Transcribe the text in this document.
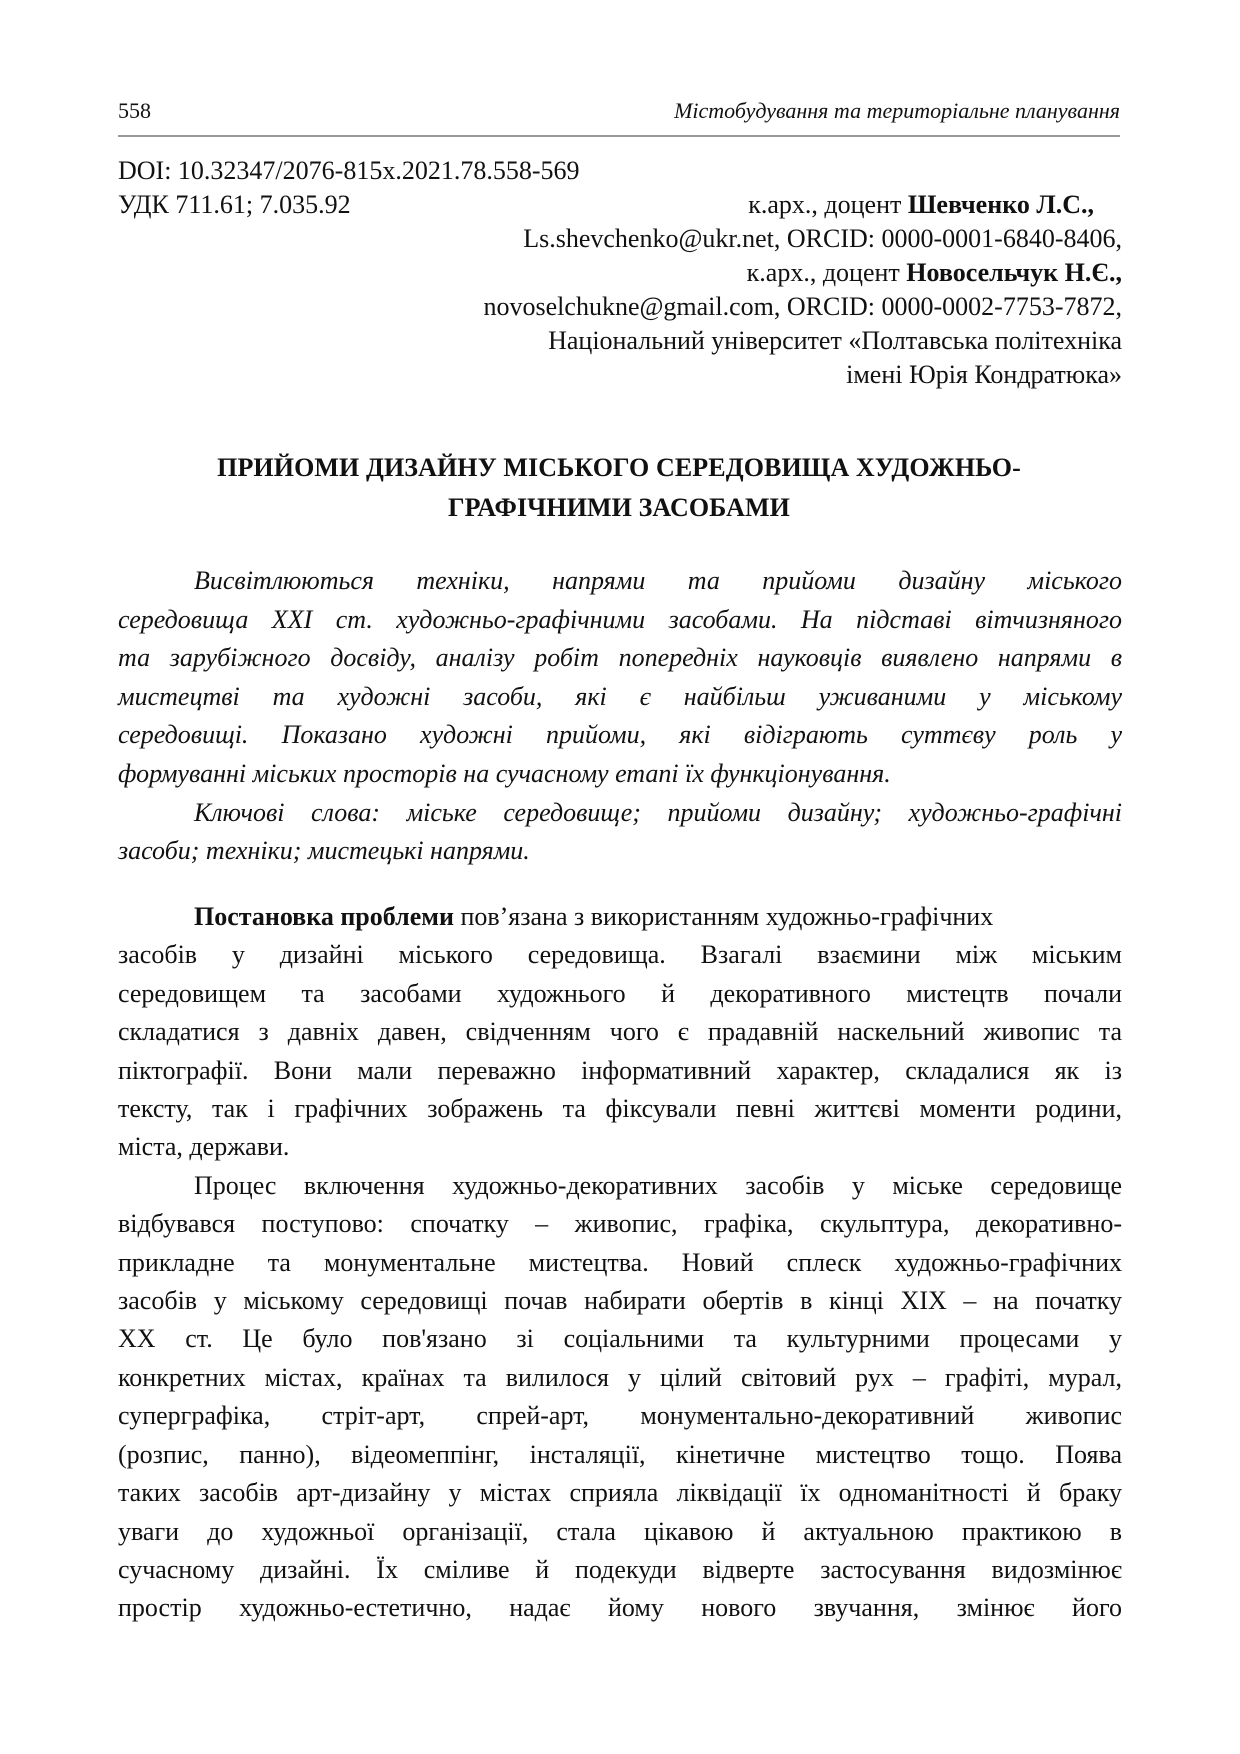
558	Містобудування та територіальне планування
DOI: 10.32347/2076-815х.2021.78.558-569
УДК 711.61; 7.035.92	к.арх., доцент Шевченко Л.С.,
Ls.shevchenko@ukr.net, ORCID: 0000-0001-6840-8406,
к.арх., доцент Новосельчук Н.Є.,
novoselchukne@gmail.com, ORCID: 0000-0002-7753-7872,
Національний університет «Полтавська політехніка
імені Юрія Кондратюка»
ПРИЙОМИ ДИЗАЙНУ МІСЬКОГО СЕРЕДОВИЩА ХУДОЖНЬО-
ГРАФІЧНИМИ ЗАСОБАМИ
Висвітлюються техніки, напрями та прийоми дизайну міського
середовища XXI ст. художньо-графічними засобами. На підставі вітчизняного
та зарубіжного досвіду, аналізу робіт попередніх науковців виявлено напрями в
мистецтві та художні засоби, які є найбільш уживаними у міському
середовищі. Показано художні прийоми, які відіграють суттєву роль у
формуванні міських просторів на сучасному етапі їх функціонування.
Ключові слова: міське середовище; прийоми дизайну; художньо-графічні
засоби; техніки; мистецькі напрями.
Постановка проблеми пов’язана з використанням художньо-графічних
засобів у дизайні міського середовища. Взагалі взаємини між міським
середовищем та засобами художнього й декоративного мистецтв почали
складатися з давніх давен, свідченням чого є прадавній наскельний живопис та
піктографії. Вони мали переважно інформативний характер, складалися як із
тексту, так і графічних зображень та фіксували певні життєві моменти родини,
міста, держави.
Процес включення художньо-декоративних засобів у міське середовище
відбувався поступово: спочатку – живопис, графіка, скульптура, декоративно-
прикладне та монументальне мистецтва. Новий сплеск художньо-графічних
засобів у міському середовищі почав набирати обертів в кінці XIX – на початку
XX ст. Це було пов'язано зі соціальними та культурними процесами у
конкретних містах, країнах та вилилося у цілий світовий рух – графіті, мурал,
суперграфіка, стріт-арт, спрей-арт, монументально-декоративний живопис
(розпис, панно), відеомеппінг, інсталяції, кінетичне мистецтво тощо. Поява
таких засобів арт-дизайну у містах сприяла ліквідації їх одноманітності й браку
уваги до художньої організації, стала цікавою й актуальною практикою в
сучасному дизайні. Їх сміливе й подекуди відверте застосування видозмінює
простір художньо-естетично, надає йому нового звучання, змінює його
